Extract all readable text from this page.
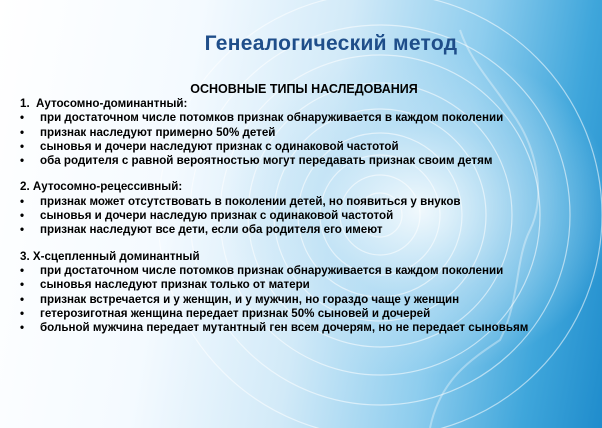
Генеалогический метод
ОСНОВНЫЕ ТИПЫ НАСЛЕДОВАНИЯ
1. Аутосомно-доминантный:
• при достаточном числе потомков признак обнаруживается в каждом поколении
• признак наследуют примерно 50% детей
• сыновья и дочери наследуют признак с одинаковой частотой
• оба родителя с равной вероятностью могут передавать признак своим детям
2. Аутосомно-рецессивный:
• признак может отсутствовать в поколении детей, но появиться у внуков
• сыновья и дочери наследую признак с одинаковой частотой
• признак наследуют все дети, если оба родителя его имеют
3. Х-сцепленный доминантный
• при достаточном числе потомков признак обнаруживается в каждом поколении
• сыновья наследуют признак только от матери
• признак встречается и у женщин, и у мужчин, но гораздо чаще у женщин
• гетерозиготная женщина передает признак 50% сыновей и дочерей
• больной мужчина передает мутантный ген всем дочерям, но не передает сыновьям
